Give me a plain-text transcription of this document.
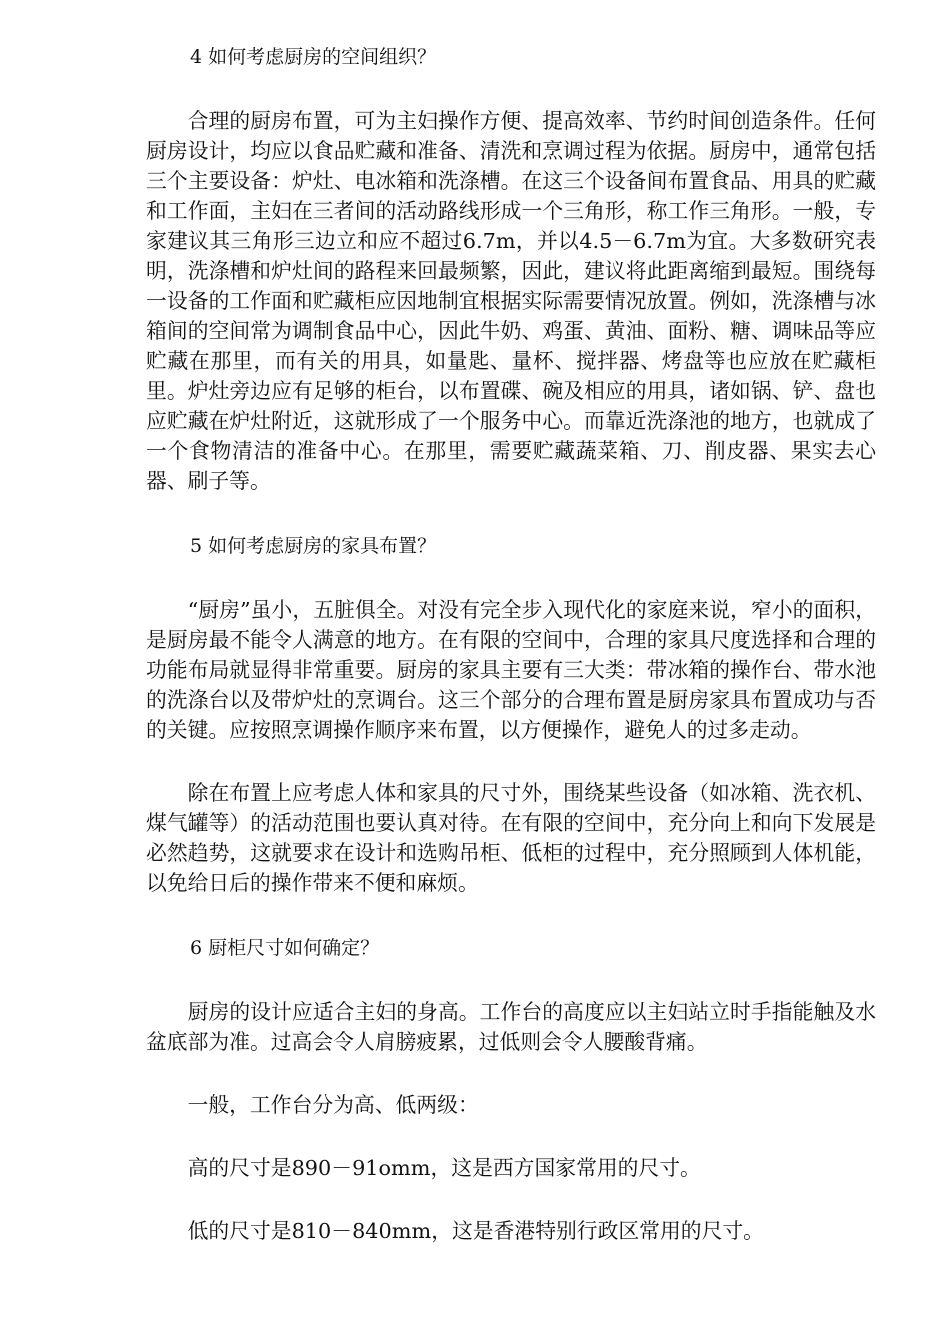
4 如何考虑厨房的空间组织？

合理的厨房布置，可为主妇操作方便、提高效率、节约时间创造条件。任何厨房设计，均应以食品贮藏和准备、清洗和烹调过程为依据。厨房中，通常包括三个主要设备：炉灶、电冰箱和洗涤槽。在这三个设备间布置食品、用具的贮藏和工作面，主妇在三者间的活动路线形成一个三角形，称工作三角形。一般，专家建议其三角形三边立和应不超过6.7m，并以4.5－6.7m为宜。大多数研究表明，洗涤槽和炉灶间的路程来回最频繁，因此，建议将此距离缩到最短。围绕每一设备的工作面和贮藏柜应因地制宜根据实际需要情况放置。例如，洗涤槽与冰箱间的空间常为调制食品中心，因此牛奶、鸡蛋、黄油、面粉、糖、调味品等应贮藏在那里，而有关的用具，如量匙、量杯、搅拌器、烤盘等也应放在贮藏柜里。炉灶旁边应有足够的柜台，以布置碟、碗及相应的用具，诸如锅、铲、盘也应贮藏在炉灶附近，这就形成了一个服务中心。而靠近洗涤池的地方，也就成了一个食物清洁的准备中心。在那里，需要贮藏蔬菜箱、刀、削皮器、果实去心器、刷子等。

5 如何考虑厨房的家具布置？

“厨房”虽小，五脏俱全。对没有完全步入现代化的家庭来说，窄小的面积，是厨房最不能令人满意的地方。在有限的空间中，合理的家具尺度选择和合理的功能布局就显得非常重要。厨房的家具主要有三大类：带冰箱的操作台、带水池的洗涤台以及带炉灶的烹调台。这三个部分的合理布置是厨房家具布置成功与否的关键。应按照烹调操作顺序来布置，以方便操作，避免人的过多走动。

除在布置上应考虑人体和家具的尺寸外，围绕某些设备（如冰箱、洗衣机、煤气罐等）的活动范围也要认真对待。在有限的空间中，充分向上和向下发展是必然趋势，这就要求在设计和选购吊柜、低柜的过程中，充分照顾到人体机能，以免给日后的操作带来不便和麻烦。

6 厨柜尺寸如何确定？

厨房的设计应适合主妇的身高。工作台的高度应以主妇站立时手指能触及水盆底部为准。过高会令人肩膀疲累，过低则会令人腰酸背痛。

一般，工作台分为高、低两级：

高的尺寸是890－91omm，这是西方国家常用的尺寸。

低的尺寸是810－840mm，这是香港特别行政区常用的尺寸。
